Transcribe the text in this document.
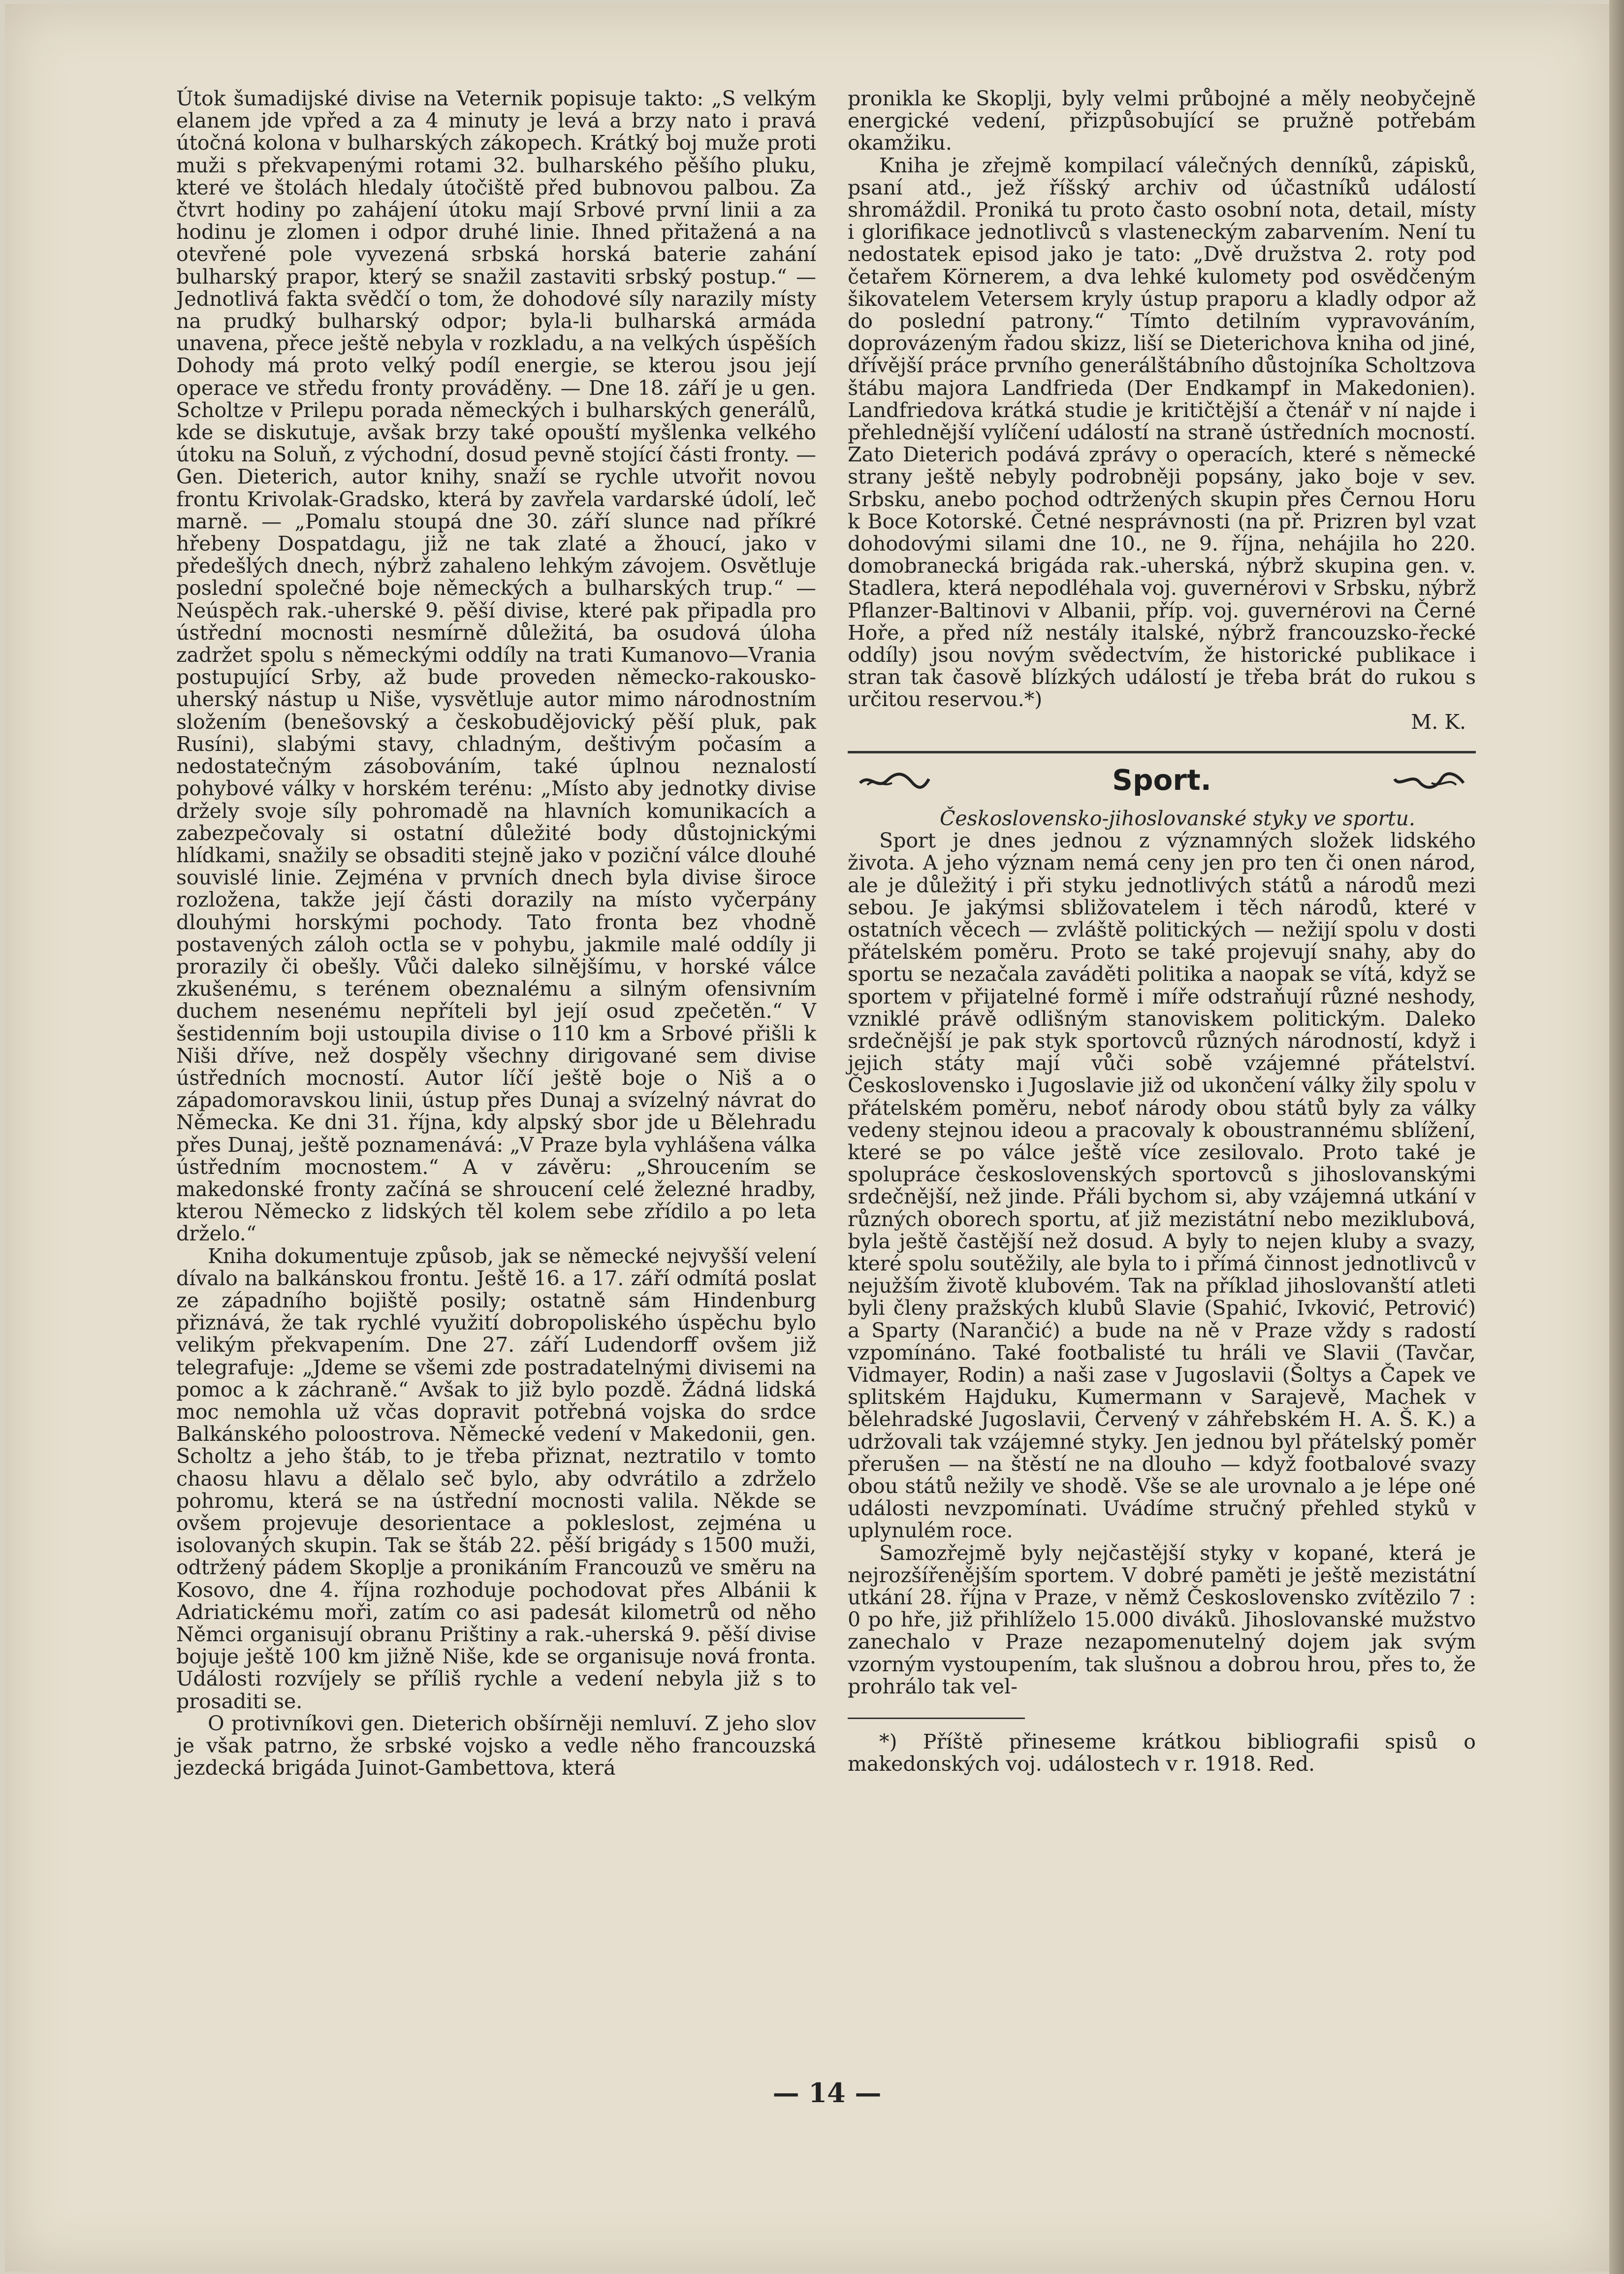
Útok šumadijské divise na Veternik popisuje takto: „S velkým elanem jde vpřed a za 4 minuty je levá a brzy nato i pravá útočná kolona v bulharských zákopech. Krátký boj muže proti muži s překvapenými rotami 32. bulharského pěšího pluku, které ve štolách hledaly útočiště před bubnovou palbou. Za čtvrt hodiny po zahájení útoku mají Srbové první linii a za hodinu je zlomen i odpor druhé linie. Ihned přitažená a na otevřené pole vyvezená srbská horská baterie zahání bulharský prapor, který se snažil zastaviti srbský postup.“ — Jednotlivá fakta svědčí o tom, že dohodové síly narazily místy na prudký bulharský odpor; byla-li bulharská armáda unavena, přece ještě nebyla v rozkladu, a na velkých úspěších Dohody má proto velký podíl energie, se kterou jsou její operace ve středu fronty prováděny. — Dne 18. září je u gen. Scholtze v Prilepu porada německých i bulharských generálů, kde se diskutuje, avšak brzy také opouští myšlenka velkého útoku na Soluň, z východní, dosud pevně stojící části fronty. — Gen. Dieterich, autor knihy, snaží se rychle utvořit novou frontu Krivolak-Gradsko, která by zavřela vardarské údolí, leč marně. — „Pomalu stoupá dne 30. září slunce nad příkré hřebeny Dospatdagu, již ne tak zlaté a žhoucí, jako v předešlých dnech, nýbrž zahaleno lehkým závojem. Osvětluje poslední společné boje německých a bulharských trup.“ — Neúspěch rak.-uherské 9. pěší divise, které pak připadla pro ústřední mocnosti nesmírně důležitá, ba osudová úloha zadržet spolu s německými oddíly na trati Kumanovo—Vrania postupující Srby, až bude proveden německo-rakousko-uherský nástup u Niše, vysvětluje autor mimo národnostním složením (benešovský a českobudějovický pěší pluk, pak Rusíni), slabými stavy, chladným, deštivým počasím a nedostatečným zásobováním, také úplnou neznalostí pohybové války v horském terénu: „Místo aby jednotky divise držely svoje síly pohromadě na hlavních komunikacích a zabezpečovaly si ostatní důležité body důstojnickými hlídkami, snažily se obsaditi stejně jako v poziční válce dlouhé souvislé linie. Zejména v prvních dnech byla divise široce rozložena, takže její části dorazily na místo vyčerpány dlouhými horskými pochody. Tato fronta bez vhodně postavených záloh octla se v pohybu, jakmile malé oddíly ji prorazily či obešly. Vůči daleko silnějšímu, v horské válce zkušenému, s terénem obeznalému a silným ofensivním duchem nesenému nepříteli byl její osud zpečetěn.“ V šestidenním boji ustoupila divise o 110 km a Srbové přišli k Niši dříve, než dospěly všechny dirigované sem divise ústředních mocností. Autor líčí ještě boje o Niš a o západomoravskou linii, ústup přes Dunaj a svízelný návrat do Německa. Ke dni 31. října, kdy alpský sbor jde u Bělehradu přes Dunaj, ještě poznamenává: „V Praze byla vyhlášena válka ústředním mocnostem.“ A v závěru: „Shroucením se makedonské fronty začíná se shroucení celé železné hradby, kterou Německo z lidských těl kolem sebe zřídilo a po leta drželo.“

Kniha dokumentuje způsob, jak se německé nejvyšší velení dívalo na balkánskou frontu. Ještě 16. a 17. září odmítá poslat ze západního bojiště posily; ostatně sám Hindenburg přiznává, že tak rychlé využití dobropoliského úspěchu bylo velikým překvapením. Dne 27. září Ludendorff ovšem již telegrafuje: „Jdeme se všemi zde postradatelnými divisemi na pomoc a k záchraně.“ Avšak to již bylo pozdě. Žádná lidská moc nemohla už včas dopravit potřebná vojska do srdce Balkánského poloostrova. Německé vedení v Makedonii, gen. Scholtz a jeho štáb, to je třeba přiznat, neztratilo v tomto chaosu hlavu a dělalo seč bylo, aby odvrátilo a zdrželo pohromu, která se na ústřední mocnosti valila. Někde se ovšem projevuje desorientace a pokleslost, zejména u isolovaných skupin. Tak se štáb 22. pěší brigády s 1500 muži, odtržený pádem Skoplje a pronikáním Francouzů ve směru na Kosovo, dne 4. října rozhoduje pochodovat přes Albánii k Adriatickému moři, zatím co asi padesát kilometrů od něho Němci organisují obranu Prištiny a rak.-uherská 9. pěší divise bojuje ještě 100 km jižně Niše, kde se organisuje nová fronta. Události rozvíjely se příliš rychle a vedení nebyla již s to prosaditi se.

O protivníkovi gen. Dieterich obšírněji nemluví. Z jeho slov je však patrno, že srbské vojsko a vedle něho francouzská jezdecká brigáda Juinot-Gambettova, která

pronikla ke Skoplji, byly velmi průbojné a měly neobyčejně energické vedení, přizpůsobující se pružně potřebám okamžiku.

Kniha je zřejmě kompilací válečných denníků, zápisků, psaní atd., jež říšský archiv od účastníků událostí shromáždil. Proniká tu proto často osobní nota, detail, místy i glorifikace jednotlivců s vlasteneckým zabarvením. Není tu nedostatek episod jako je tato: „Dvě družstva 2. roty pod četařem Körnerem, a dva lehké kulomety pod osvědčeným šikovatelem Vetersem kryly ústup praporu a kladly odpor až do poslední patrony.“ Tímto detilním vypravováním, doprovázeným řadou skizz, liší se Dieterichova kniha od jiné, dřívější práce prvního generálštábního důstojníka Scholtzova štábu majora Landfrieda (Der Endkampf in Makedonien). Landfriedova krátká studie je kritičtější a čtenář v ní najde i přehlednější vylíčení událostí na straně ústředních mocností. Zato Dieterich podává zprávy o operacích, které s německé strany ještě nebyly podrobněji popsány, jako boje v sev. Srbsku, anebo pochod odtržených skupin přes Černou Horu k Boce Kotorské. Četné nesprávnosti (na př. Prizren byl vzat dohodovými silami dne 10., ne 9. října, nehájila ho 220. domobranecká brigáda rak.-uherská, nýbrž skupina gen. v. Stadlera, která nepodléhala voj. guvernérovi v Srbsku, nýbrž Pflanzer-Baltinovi v Albanii, příp. voj. guvernérovi na Černé Hoře, a před níž nestály italské, nýbrž francouzsko-řecké oddíly) jsou novým svědectvím, že historické publikace i stran tak časově blízkých událostí je třeba brát do rukou s určitou reservou.*)

M. K.

Sport.

Československo-jihoslovanské styky ve sportu.

Sport je dnes jednou z významných složek lidského života. A jeho význam nemá ceny jen pro ten či onen národ, ale je důležitý i při styku jednotlivých států a národů mezi sebou. Je jakýmsi sbližovatelem i těch národů, které v ostatních věcech — zvláště politických — nežijí spolu v dosti přátelském poměru. Proto se také projevují snahy, aby do sportu se nezačala zaváděti politika a naopak se vítá, když se sportem v přijatelné formě i míře odstraňují různé neshody, vzniklé právě odlišným stanoviskem politickým. Daleko srdečnější je pak styk sportovců různých národností, když i jejich státy mají vůči sobě vzájemné přátelství. Československo i Jugoslavie již od ukončení války žily spolu v přátelském poměru, neboť národy obou států byly za války vedeny stejnou ideou a pracovaly k oboustrannému sblížení, které se po válce ještě více zesilovalo. Proto také je spolupráce československých sportovců s jihoslovanskými srdečnější, než jinde. Přáli bychom si, aby vzájemná utkání v různých oborech sportu, ať již mezistátní nebo meziklubová, byla ještě častější než dosud. A byly to nejen kluby a svazy, které spolu soutěžily, ale byla to i přímá činnost jednotlivců v nejužším životě klubovém. Tak na příklad jihoslovanští atleti byli členy pražských klubů Slavie (Spahić, Ivković, Petrović) a Sparty (Narančić) a bude na ně v Praze vždy s radostí vzpomínáno. Také footbalisté tu hráli ve Slavii (Tavčar, Vidmayer, Rodin) a naši zase v Jugoslavii (Šoltys a Čapek ve splitském Hajduku, Kumermann v Sarajevě, Machek v bělehradské Jugoslavii, Červený v záhřebském H. A. Š. K.) a udržovali tak vzájemné styky. Jen jednou byl přátelský poměr přerušen — na štěstí ne na dlouho — když footbalové svazy obou států nežily ve shodě. Vše se ale urovnalo a je lépe oné události nevzpomínati. Uvádíme stručný přehled styků v uplynulém roce.

Samozřejmě byly nejčastější styky v kopané, která je nejrozšířenějším sportem. V dobré paměti je ještě mezistátní utkání 28. října v Praze, v němž Československo zvítězilo 7 : 0 po hře, již přihlíželo 15.000 diváků. Jihoslovanské mužstvo zanechalo v Praze nezapomenutelný dojem jak svým vzorným vystoupením, tak slušnou a dobrou hrou, přes to, že prohrálo tak vel-

*) Příště přineseme krátkou bibliografii spisů o makedonských voj. událostech v r. 1918. Red.

— 14 —
